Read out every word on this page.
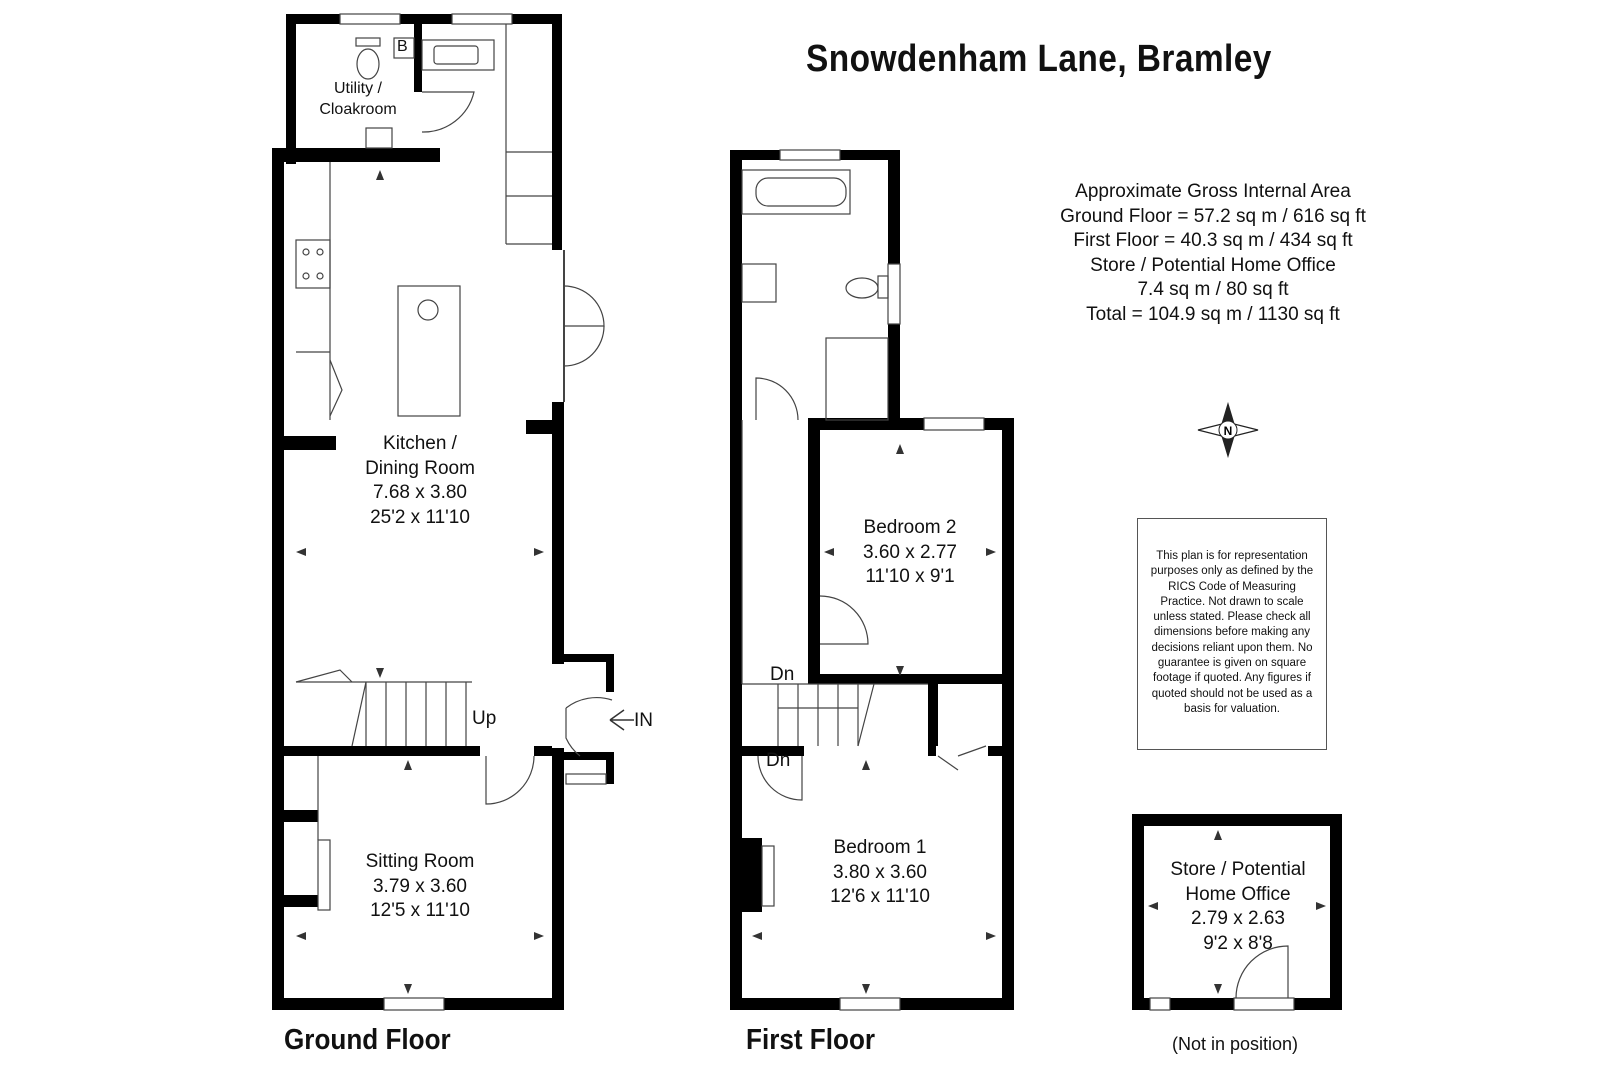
Snowdenham Lane, Bramley
Approximate Gross Internal Area
Ground Floor = 57.2 sq m / 616 sq ft
First Floor = 40.3 sq m / 434 sq ft
Store / Potential Home Office
7.4 sq m / 80 sq ft
Total = 104.9 sq m / 1130 sq ft
N
This plan is for representation purposes only as defined by the RICS Code of Measuring Practice. Not drawn to scale unless stated. Please check all dimensions before making any decisions reliant upon them. No guarantee is given on square footage if quoted. Any figures if quoted should not be used as a basis for valuation.
Utility /
Cloakroom
B
Kitchen /
Dining Room
7.68 x 3.80
25'2 x 11'10
Up	IN
Sitting Room
3.79 x 3.60
12'5 x 11'10
Bedroom 2
3.60 x 2.77
11'10 x 9'1
Dn
Dn
Bedroom 1
3.80 x 3.60
12'6 x 11'10
Store / Potential
Home Office
2.79 x 2.63
9'2 x 8'8
Ground Floor	First Floor	(Not in position)
